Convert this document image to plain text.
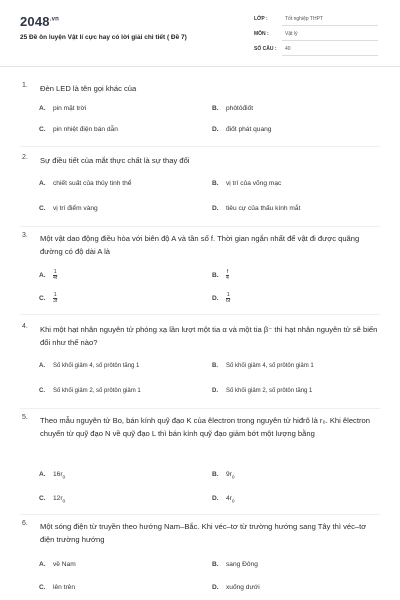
$2048^{.vn}$
25 Đề ôn luyện Vật lí cực hay có lời giải chi tiết ( Đề 7)
LỚP :	Tốt nghiệp THPT
MÔN :	Vật lý
SỐ CÂU : 40
1. Đèn LED là tên gọi khác của
A. pin mặt trời	B. phôtôđiốt
C. pin nhiệt điện bán dẫn	D. điốt phát quang
2. Sự điều tiết của mắt thực chất là sự thay đổi
A. chiết suất của thủy tinh thể	B. vị trí của võng mạc
C. vị trí điểm vàng	D. tiêu cự của thấu kính mắt
3. Một vật dao động điều hòa với biên độ A và tần số f. Thời gian ngắn nhất để vật đi được quãng đường có độ dài A là
A. $\frac{1}{4f}$	B. $\frac{f}{4}$
C. $\frac{1}{3f}$	D. $\frac{1}{6f}$
4. Khi một hạt nhân nguyên tử phóng xạ lần lượt một tia α và một tia β⁻ thì hạt nhân nguyên tử sẽ biến đổi như thế nào?
A. Số khối giảm 4, số prôtôn tăng 1	B. Số khối giảm 4, số prôtôn giảm 1
C. Số khối giảm 2, số prôtôn giảm 1	D. Số khối giảm 2, số prôtôn tăng 1
5. Theo mẫu nguyên tử Bo, bán kính quỹ đạo K của êlectron trong nguyên tử hiđrô là r₀. Khi êlectron chuyển từ quỹ đạo N về quỹ đạo L thì bán kính quỹ đạo giảm bớt một lượng bằng
A. $16r_0$	B. $9r_0$
C. $12r_0$	D. $4r_0$
6. Một sóng điện từ truyền theo hướng Nam–Bắc. Khi véc–tơ từ trường hướng sang Tây thì véc–tơ điện trường hướng
A. về Nam	B. sang Đông
C. lên trên	D. xuống dưới
